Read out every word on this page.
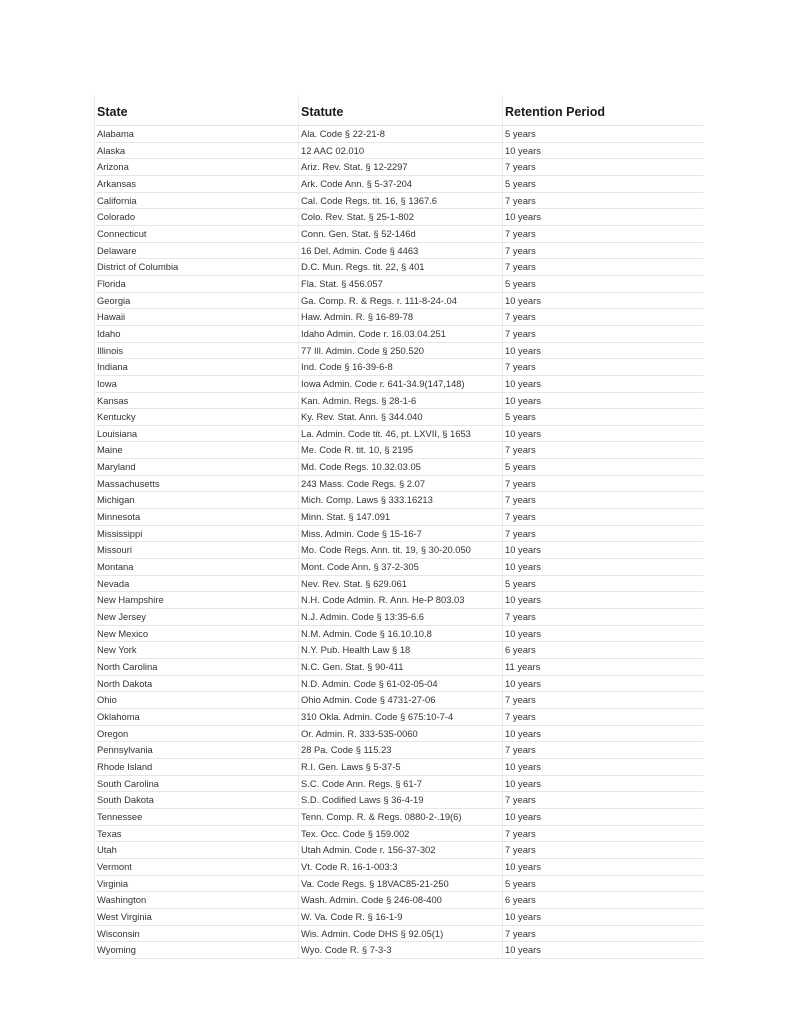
State	Statute	Retention Period
Alabama	Ala. Code § 22-21-8	5 years
Alaska	12 AAC 02.010	10 years
Arizona	Ariz. Rev. Stat. § 12-2297	7 years
Arkansas	Ark. Code Ann. § 5-37-204	5 years
California	Cal. Code Regs. tit. 16, § 1367.6	7 years
Colorado	Colo. Rev. Stat. § 25-1-802	10 years
Connecticut	Conn. Gen. Stat. § 52-146d	7 years
Delaware	16 Del. Admin. Code § 4463	7 years
District of Columbia	D.C. Mun. Regs. tit. 22, § 401	7 years
Florida	Fla. Stat. § 456.057	5 years
Georgia	Ga. Comp. R. & Regs. r. 111-8-24-.04	10 years
Hawaii	Haw. Admin. R. § 16-89-78	7 years
Idaho	Idaho Admin. Code r. 16.03.04.251	7 years
Illinois	77 Ill. Admin. Code § 250.520	10 years
Indiana	Ind. Code § 16-39-6-8	7 years
Iowa	Iowa Admin. Code r. 641-34.9(147,148)	10 years
Kansas	Kan. Admin. Regs. § 28-1-6	10 years
Kentucky	Ky. Rev. Stat. Ann. § 344.040	5 years
Louisiana	La. Admin. Code tit. 46, pt. LXVII, § 1653	10 years
Maine	Me. Code R. tit. 10, § 2195	7 years
Maryland	Md. Code Regs. 10.32.03.05	5 years
Massachusetts	243 Mass. Code Regs. § 2.07	7 years
Michigan	Mich. Comp. Laws § 333.16213	7 years
Minnesota	Minn. Stat. § 147.091	7 years
Mississippi	Miss. Admin. Code § 15-16-7	7 years
Missouri	Mo. Code Regs. Ann. tit. 19, § 30-20.050	10 years
Montana	Mont. Code Ann. § 37-2-305	10 years
Nevada	Nev. Rev. Stat. § 629.061	5 years
New Hampshire	N.H. Code Admin. R. Ann. He-P 803.03	10 years
New Jersey	N.J. Admin. Code § 13:35-6.6	7 years
New Mexico	N.M. Admin. Code § 16.10.10.8	10 years
New York	N.Y. Pub. Health Law § 18	6 years
North Carolina	N.C. Gen. Stat. § 90-411	11 years
North Dakota	N.D. Admin. Code § 61-02-05-04	10 years
Ohio	Ohio Admin. Code § 4731-27-06	7 years
Oklahoma	310 Okla. Admin. Code § 675:10-7-4	7 years
Oregon	Or. Admin. R. 333-535-0060	10 years
Pennsylvania	28 Pa. Code § 115.23	7 years
Rhode Island	R.I. Gen. Laws § 5-37-5	10 years
South Carolina	S.C. Code Ann. Regs. § 61-7	10 years
South Dakota	S.D. Codified Laws § 36-4-19	7 years
Tennessee	Tenn. Comp. R. & Regs. 0880-2-.19(6)	10 years
Texas	Tex. Occ. Code § 159.002	7 years
Utah	Utah Admin. Code r. 156-37-302	7 years
Vermont	Vt. Code R. 16-1-003:3	10 years
Virginia	Va. Code Regs. § 18VAC85-21-250	5 years
Washington	Wash. Admin. Code § 246-08-400	6 years
West Virginia	W. Va. Code R. § 16-1-9	10 years
Wisconsin	Wis. Admin. Code DHS § 92.05(1)	7 years
Wyoming	Wyo. Code R. § 7-3-3	10 years
